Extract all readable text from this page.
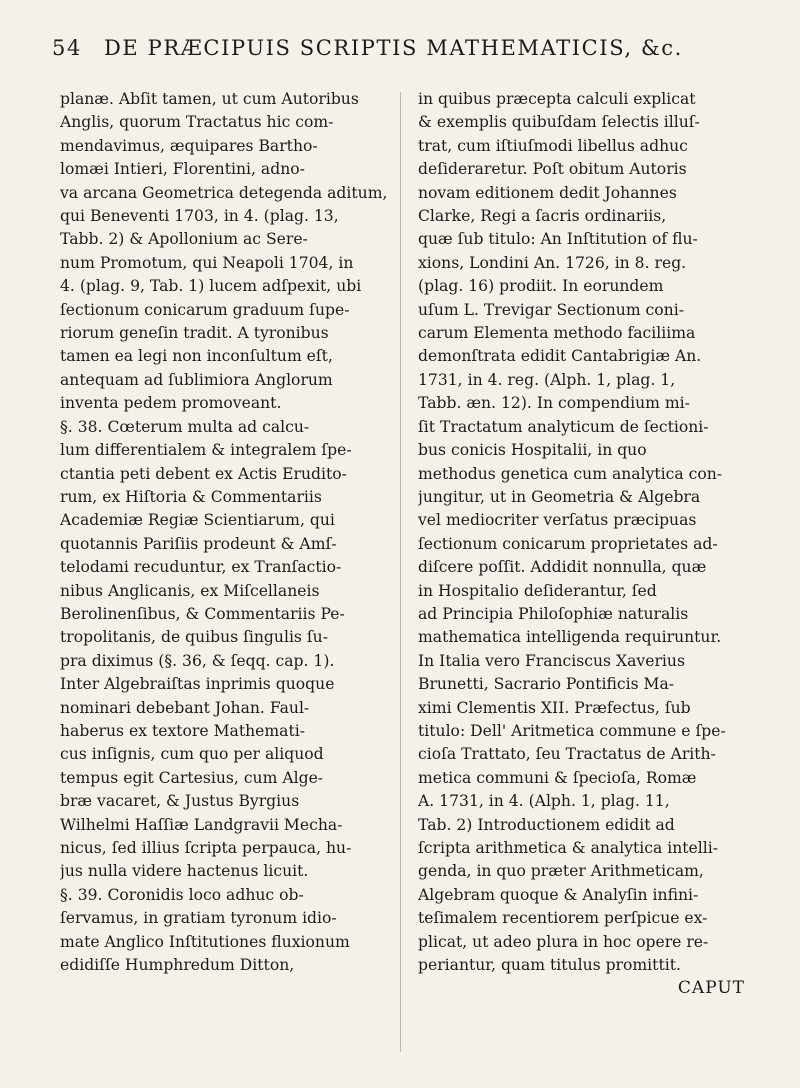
54 DE PRÆCIPUIS SCRIPTIS MATHEMATICIS, &c.
planæ. Abſit tamen, ut cum Autoribus
Anglis, quorum Tractatus hic com-
mendavimus, æquipares Bartho-
lomæi Intieri, Florentini, adno-
va arcana Geometrica detegenda aditum,
qui Beneventi 1703, in 4. (plag. 13,
Tabb. 2) & Apollonium ac Sere-
num Promotum, qui Neapoli 1704, in
4. (plag. 9, Tab. 1) lucem adſpexit, ubi
ſectionum conicarum graduum ſupe-
riorum geneſin tradit. A tyronibus
tamen ea legi non inconſultum eſt,
antequam ad ſublimiora Anglorum
inventa pedem promoveant.
§. 38. Cœterum multa ad calcu-
lum differentialem & integralem ſpe-
ctantia peti debent ex Actis Erudito-
rum, ex Hiſtoria & Commentariis
Academiæ Regiæ Scientiarum, qui
quotannis Pariſiis prodeunt & Amſ-
telodami recuduntur, ex Tranſactio-
nibus Anglicanis, ex Miſcellaneis
Berolinenſibus, & Commentariis Pe-
tropolitanis, de quibus ſingulis ſu-
pra diximus (§. 36, & ſeqq. cap. 1).
Inter Algebraiſtas inprimis quoque
nominari debebant Johan. Faul-
haberus ex textore Mathemati-
cus inſignis, cum quo per aliquod
tempus egit Cartesius, cum Alge-
bræ vacaret, & Justus Byrgius
Wilhelmi Haſſiæ Landgravii Mecha-
nicus, ſed illius ſcripta perpauca, hu-
jus nulla videre hactenus licuit.
§. 39. Coronidis loco adhuc ob-
ſervamus, in gratiam tyronum idio-
mate Anglico Inſtitutiones fluxionum
edidiſſe Humphredum Ditton,
in quibus præcepta calculi explicat
& exemplis quibuſdam ſelectis illuſ-
trat, cum iſtiuſmodi libellus adhuc
deſideraretur. Poſt obitum Autoris
novam editionem dedit Johannes
Clarke, Regi a ſacris ordinariis,
quæ ſub titulo: An Inſtitution of flu-
xions, Londini An. 1726, in 8. reg.
(plag. 16) prodiit. In eorundem
uſum L. Trevigar Sectionum coni-
carum Elementa methodo faciliima
demonſtrata edidit Cantabrigiæ An.
1731, in 4. reg. (Alph. 1, plag. 1,
Tabb. æn. 12). In compendium mi-
ſit Tractatum analyticum de ſectioni-
bus conicis Hospitalii, in quo
methodus genetica cum analytica con-
jungitur, ut in Geometria & Algebra
vel mediocriter verſatus præcipuas
ſectionum conicarum proprietates ad-
diſcere poſſit. Addidit nonnulla, quæ
in Hospitalio deſiderantur, ſed
ad Principia Philoſophiæ naturalis
mathematica intelligenda requiruntur.
In Italia vero Franciscus Xaverius
Brunetti, Sacrario Pontificis Ma-
ximi Clementis XII. Præfectus, ſub
titulo: Dell' Aritmetica commune e ſpe-
cioſa Trattato, ſeu Tractatus de Arith-
metica communi & ſpecioſa, Romæ
A. 1731, in 4. (Alph. 1, plag. 11,
Tab. 2) Introductionem edidit ad
ſcripta arithmetica & analytica intelli-
genda, in quo præter Arithmeticam,
Algebram quoque & Analyſin infini-
teſimalem recentiorem perſpicue ex-
plicat, ut adeo plura in hoc opere re-
periantur, quam titulus promittit.
CAPUT
